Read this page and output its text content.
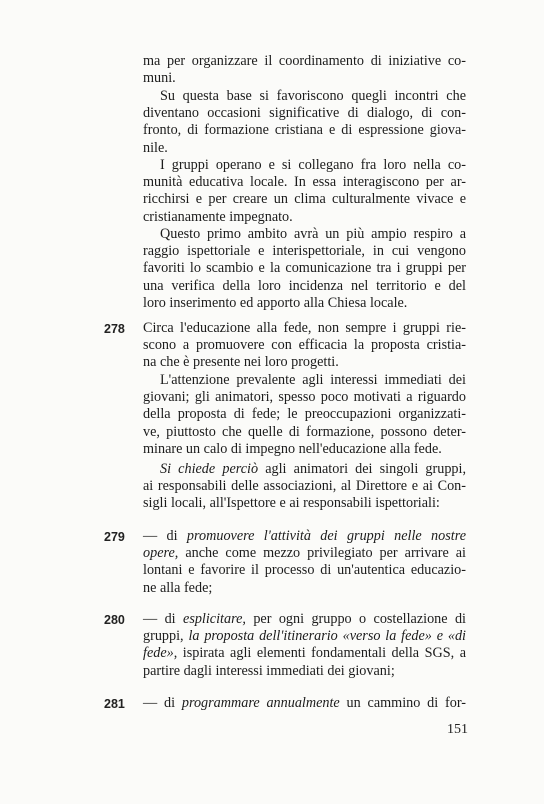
ma per organizzare il coordinamento di iniziative co-
muni.

Su questa base si favoriscono quegli incontri che

diventano occasioni significative di dialogo, di con-
fronto, di formazione cristiana e di espressione giova-
nile.

I gruppi operano e si collegano fra loro nella co-

munità educativa locale. In essa interagiscono per ar-
ricchirsi e per creare un clima culturalmente vivace e
cristianamente impegnato.

Questo primo ambito avrà un più ampio respiro a

raggio ispettoriale e interispettoriale, in cui vengono
favoriti lo scambio e la comunicazione tra i gruppi per
una verifica della loro incidenza nel territorio e del
loro inserimento ed apporto alla Chiesa locale.

278 Circa l'educazione alla fede, non sempre i gruppi rie-
scono a promuovere con efficacia la proposta cristia-
na che è presente nei loro progetti.

L'attenzione prevalente agli interessi immediati dei

giovani; gli animatori, spesso poco motivati a riguardo
della proposta di fede; le preoccupazioni organizzati-
ve, piuttosto che quelle di formazione, possono deter-
minare un calo di impegno nell'educazione alla fede.

Si chiede perciò agli animatori dei singoli gruppi,

ai responsabili delle associazioni, al Direttore e ai Con-
sigli locali, all'Ispettore e ai responsabili ispettoriali:

279 — di promuovere l'attività dei gruppi nelle nostre
opere, anche come mezzo privilegiato per arrivare ai
lontani e favorire il processo di un'autentica educazio-
ne alla fede;

280 — di esplicitare, per ogni gruppo o costellazione di
gruppi, la proposta dell'itinerario «verso la fede» e «di
fede», ispirata agli elementi fondamentali della SGS, a
partire dagli interessi immediati dei giovani;

281 — di programmare annualmente un cammino di for-

151
